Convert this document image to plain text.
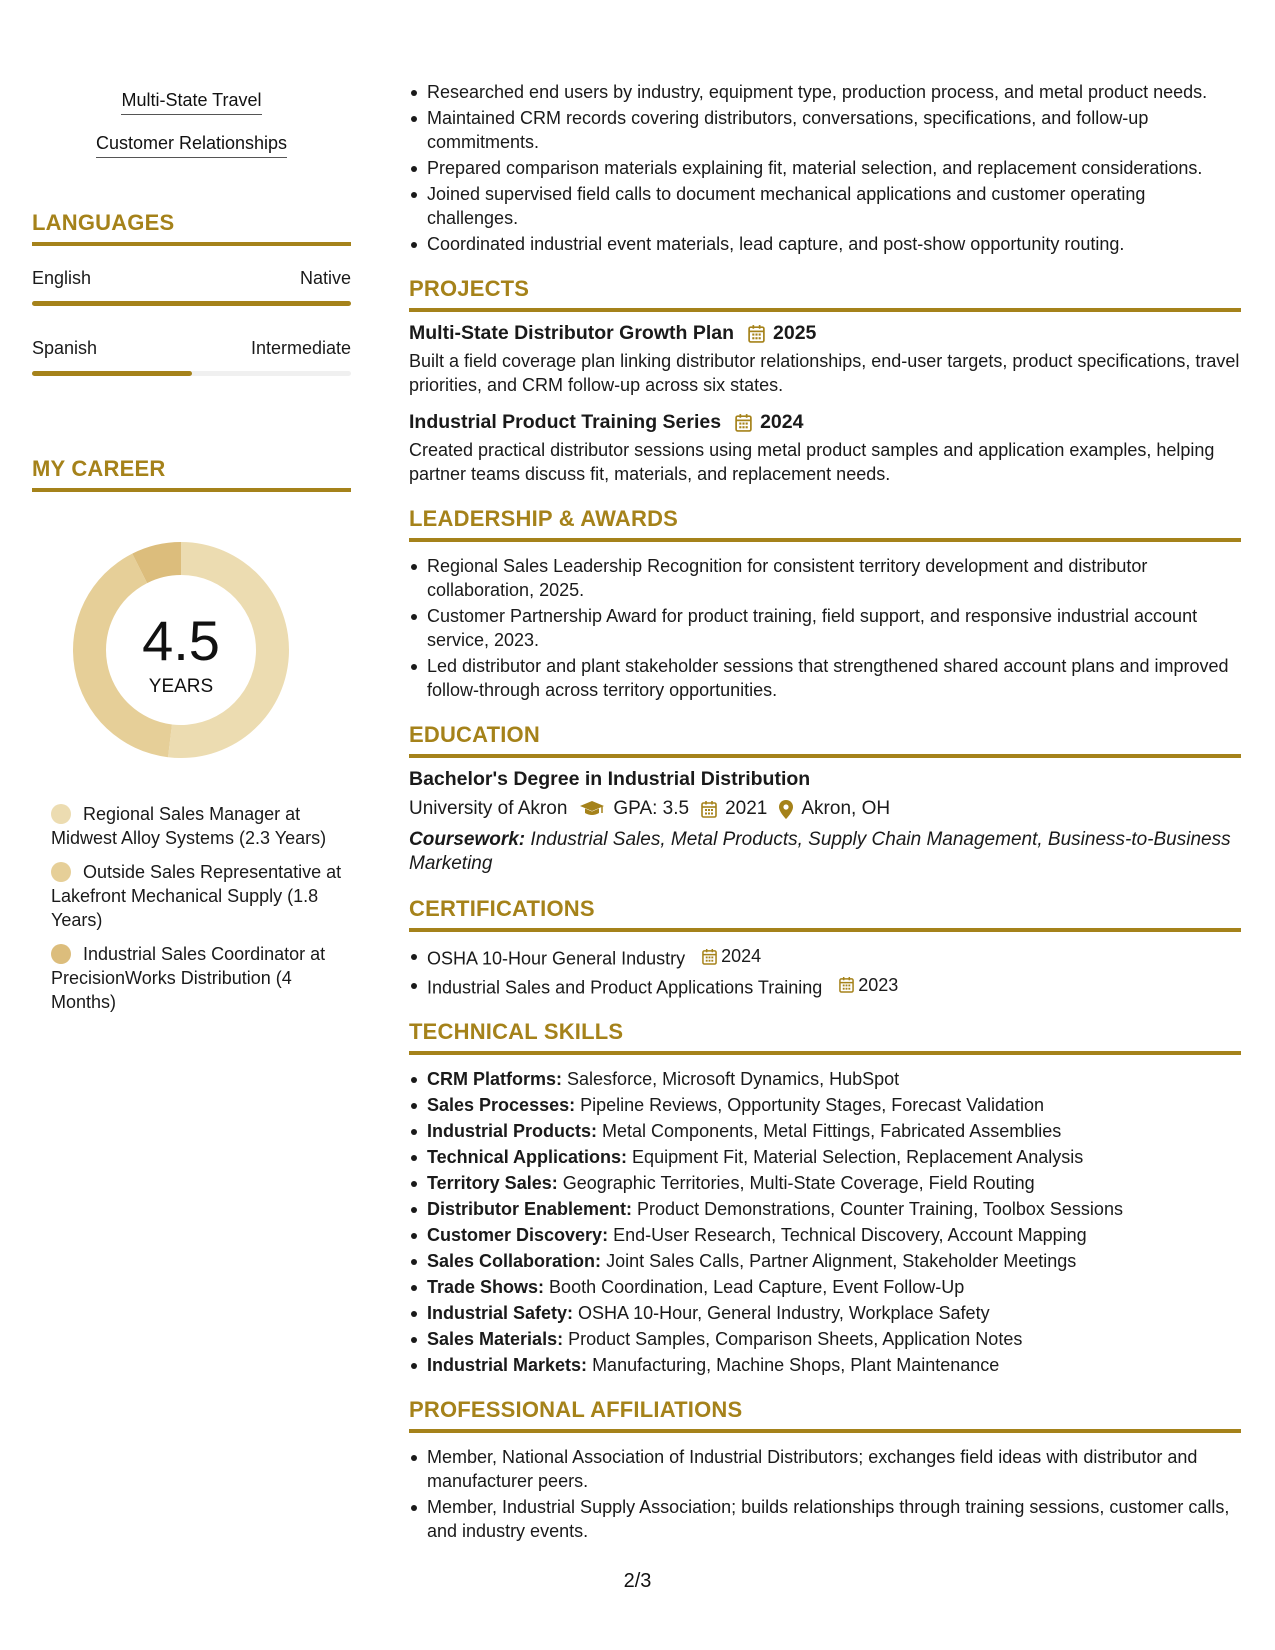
Multi-State Travel
Customer Relationships
LANGUAGES
English	Native
Spanish	Intermediate
MY CAREER
4.5
YEARS
Regional Sales Manager at Midwest Alloy Systems (2.3 Years)
Outside Sales Representative at Lakefront Mechanical Supply (1.8 Years)
Industrial Sales Coordinator at PrecisionWorks Distribution (4 Months)
Researched end users by industry, equipment type, production process, and metal product needs.
Maintained CRM records covering distributors, conversations, specifications, and follow-up commitments.
Prepared comparison materials explaining fit, material selection, and replacement considerations.
Joined supervised field calls to document mechanical applications and customer operating challenges.
Coordinated industrial event materials, lead capture, and post-show opportunity routing.
PROJECTS
Multi-State Distributor Growth Plan 2025
Built a field coverage plan linking distributor relationships, end-user targets, product specifications, travel priorities, and CRM follow-up across six states.
Industrial Product Training Series 2024
Created practical distributor sessions using metal product samples and application examples, helping partner teams discuss fit, materials, and replacement needs.
LEADERSHIP & AWARDS
Regional Sales Leadership Recognition for consistent territory development and distributor collaboration, 2025.
Customer Partnership Award for product training, field support, and responsive industrial account service, 2023.
Led distributor and plant stakeholder sessions that strengthened shared account plans and improved follow-through across territory opportunities.
EDUCATION
Bachelor's Degree in Industrial Distribution
University of Akron GPA: 3.5 2021 Akron, OH
Coursework: Industrial Sales, Metal Products, Supply Chain Management, Business-to-Business Marketing
CERTIFICATIONS
OSHA 10-Hour General Industry 2024
Industrial Sales and Product Applications Training 2023
TECHNICAL SKILLS
CRM Platforms: Salesforce, Microsoft Dynamics, HubSpot
Sales Processes: Pipeline Reviews, Opportunity Stages, Forecast Validation
Industrial Products: Metal Components, Metal Fittings, Fabricated Assemblies
Technical Applications: Equipment Fit, Material Selection, Replacement Analysis
Territory Sales: Geographic Territories, Multi-State Coverage, Field Routing
Distributor Enablement: Product Demonstrations, Counter Training, Toolbox Sessions
Customer Discovery: End-User Research, Technical Discovery, Account Mapping
Sales Collaboration: Joint Sales Calls, Partner Alignment, Stakeholder Meetings
Trade Shows: Booth Coordination, Lead Capture, Event Follow-Up
Industrial Safety: OSHA 10-Hour, General Industry, Workplace Safety
Sales Materials: Product Samples, Comparison Sheets, Application Notes
Industrial Markets: Manufacturing, Machine Shops, Plant Maintenance
PROFESSIONAL AFFILIATIONS
Member, National Association of Industrial Distributors; exchanges field ideas with distributor and manufacturer peers.
Member, Industrial Supply Association; builds relationships through training sessions, customer calls, and industry events.
2/3
